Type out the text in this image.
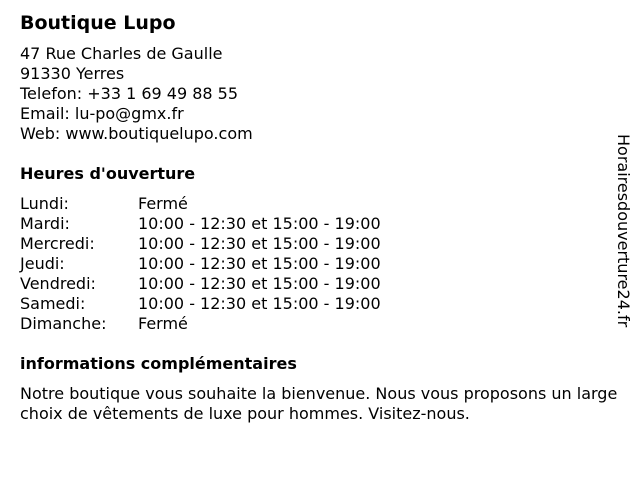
Boutique Lupo
47 Rue Charles de Gaulle
91330 Yerres
Telefon: +33 1 69 49 88 55
Email: lu-po@gmx.fr
Web: www.boutiquelupo.com
Heures d'ouverture
Lundi:	Fermé
Mardi:	10:00 - 12:30 et 15:00 - 19:00
Mercredi:	10:00 - 12:30 et 15:00 - 19:00
Jeudi:	10:00 - 12:30 et 15:00 - 19:00
Vendredi:	10:00 - 12:30 et 15:00 - 19:00
Samedi:	10:00 - 12:30 et 15:00 - 19:00
Dimanche: Fermé
informations complémentaires

Notre boutique vous souhaite la bienvenue. Nous vous proposons un large choix de vêtements de luxe pour hommes. Visitez-nous.

Horairesdouverture24.fr
